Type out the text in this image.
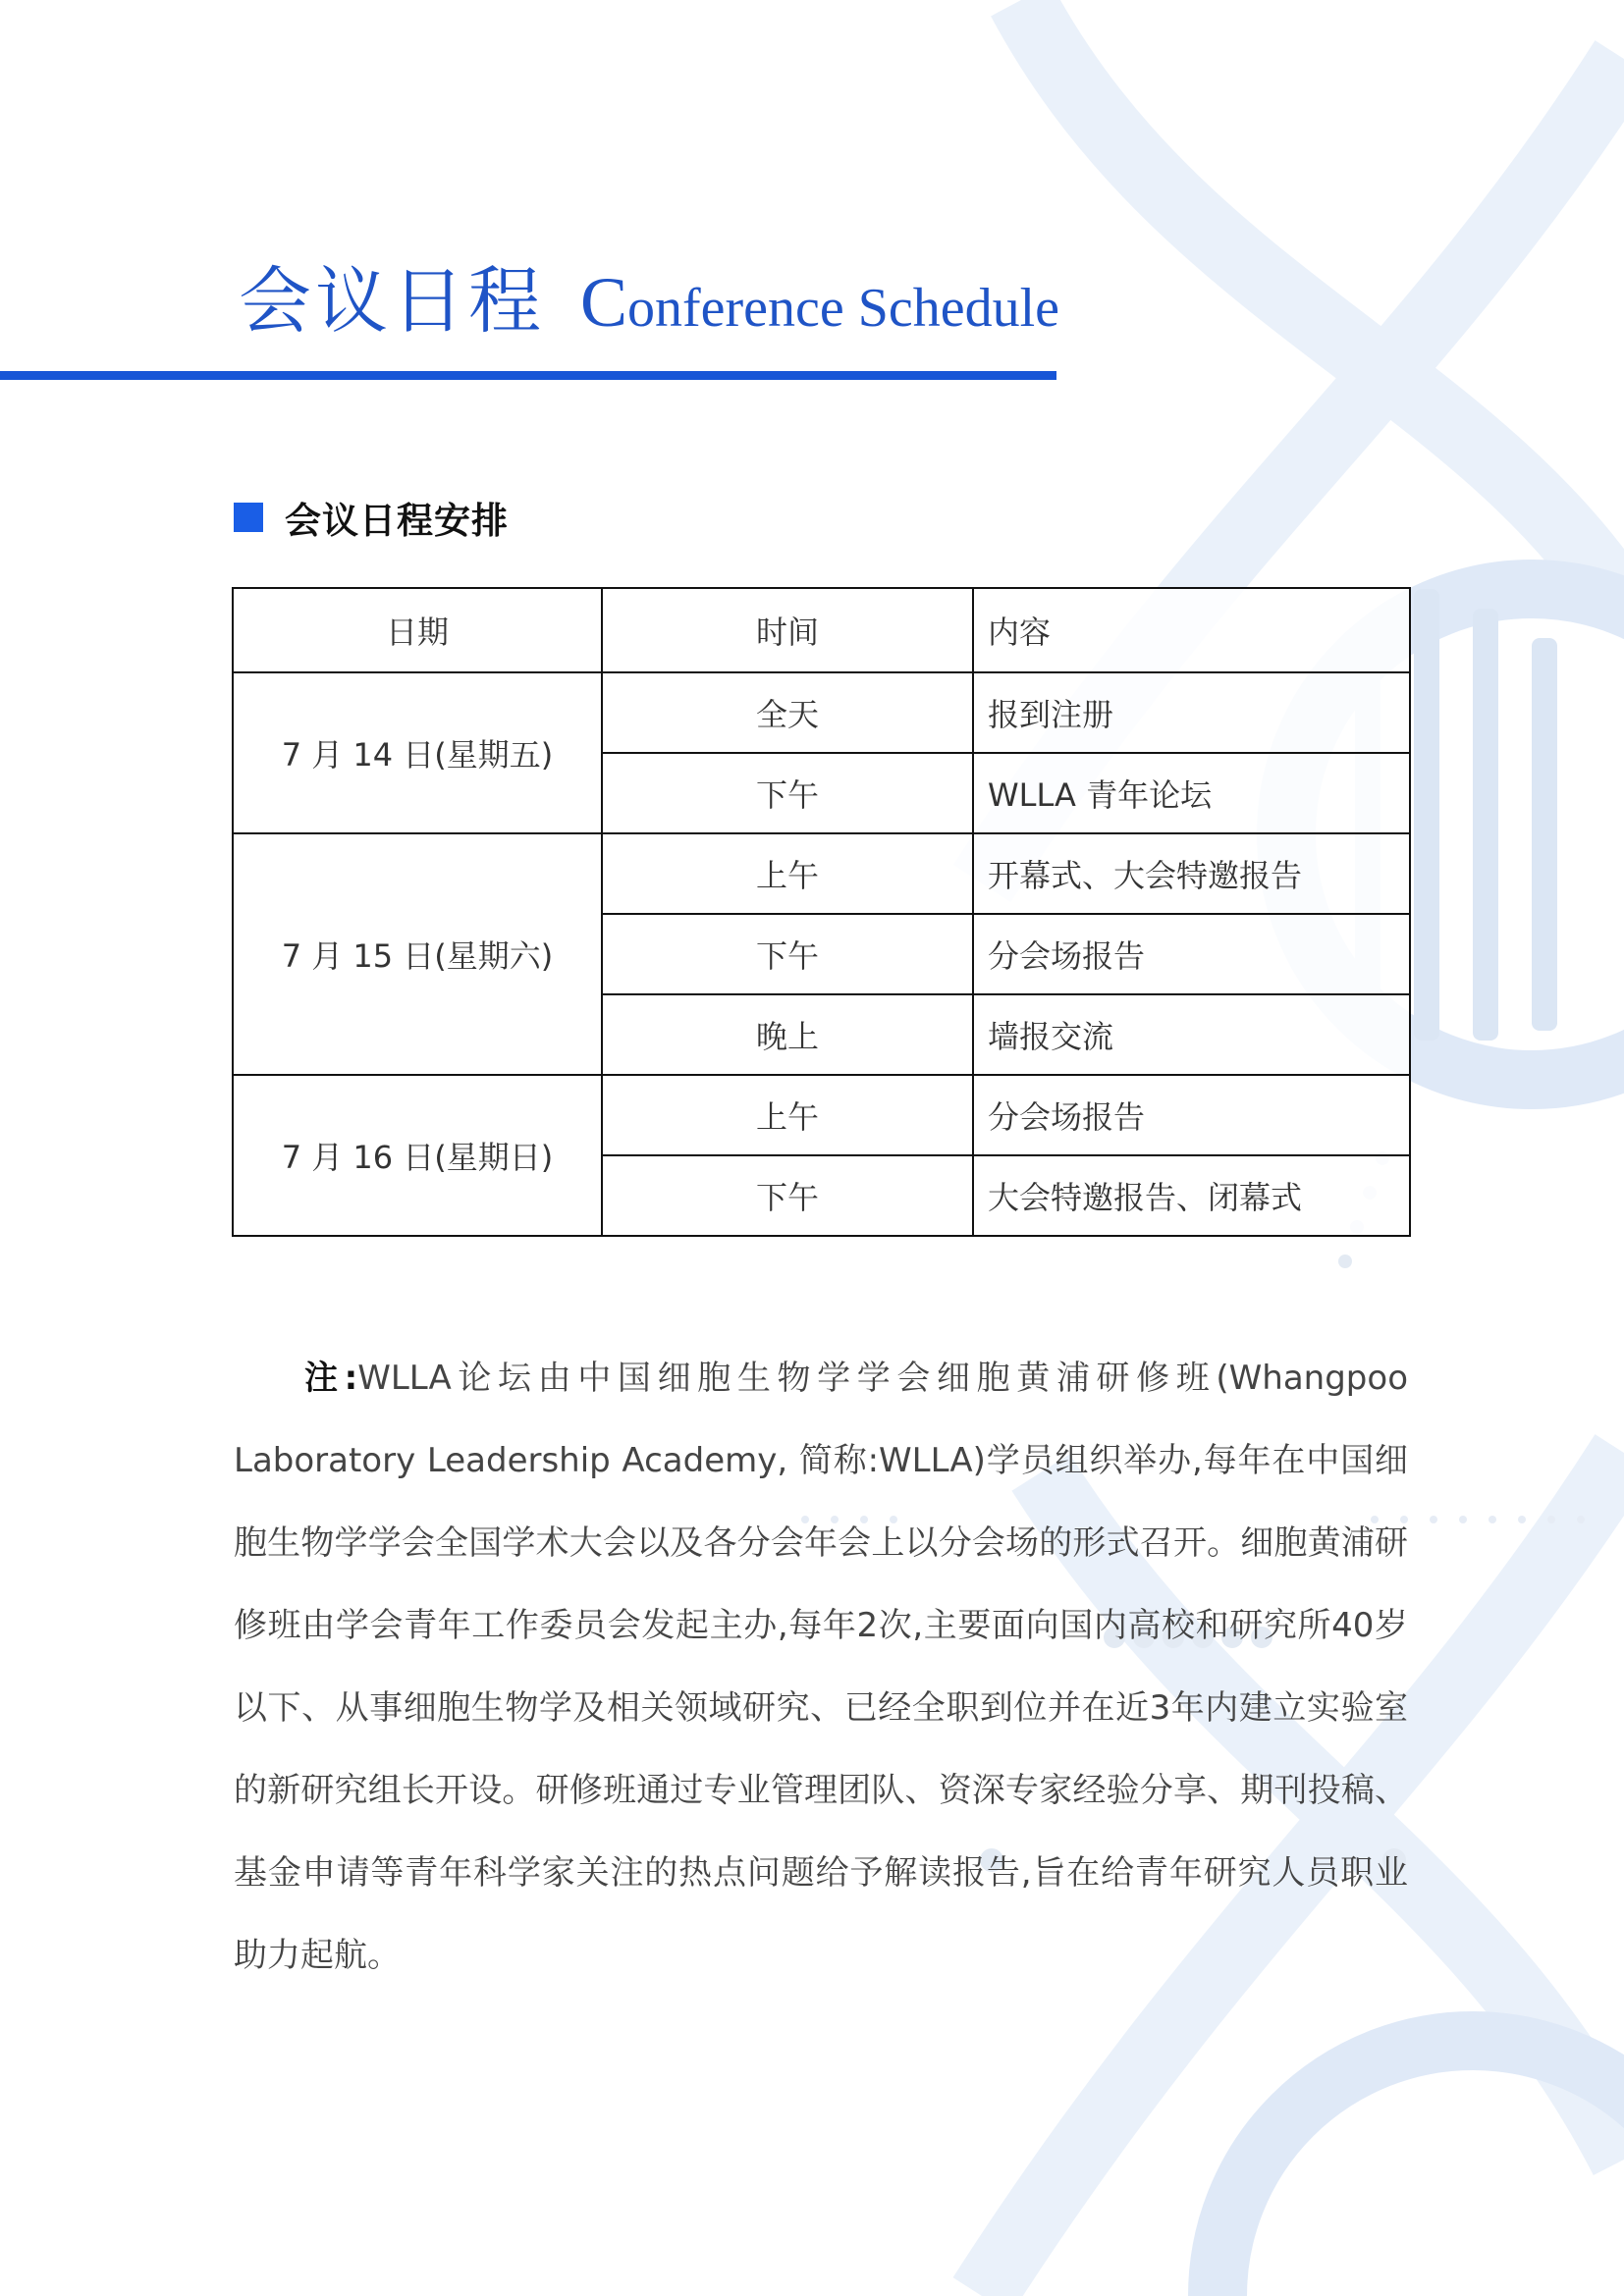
会议日程 Conference Schedule
会议日程安排
日期	时间	内容
7 月 14 日(星期五)	全天	报到注册
	下午	WLLA 青年论坛
7 月 15 日(星期六)	上午	开幕式、大会特邀报告
	下午	分会场报告
	晚上	墙报交流
7 月 16 日(星期日)	上午	分会场报告
	下午	大会特邀报告、闭幕式

注:WLLA论坛由中国细胞生物学学会细胞黄浦研修班(Whangpoo Laboratory Leadership Academy, 简称:WLLA)学员组织举办,每年在中国细胞生物学学会全国学术大会以及各分会年会上以分会场的形式召开。细胞黄浦研修班由学会青年工作委员会发起主办,每年2次,主要面向国内高校和研究所40岁以下、从事细胞生物学及相关领域研究、已经全职到位并在近3年内建立实验室的新研究组长开设。研修班通过专业管理团队、资深专家经验分享、期刊投稿、基金申请等青年科学家关注的热点问题给予解读报告,旨在给青年研究人员职业助力起航。
